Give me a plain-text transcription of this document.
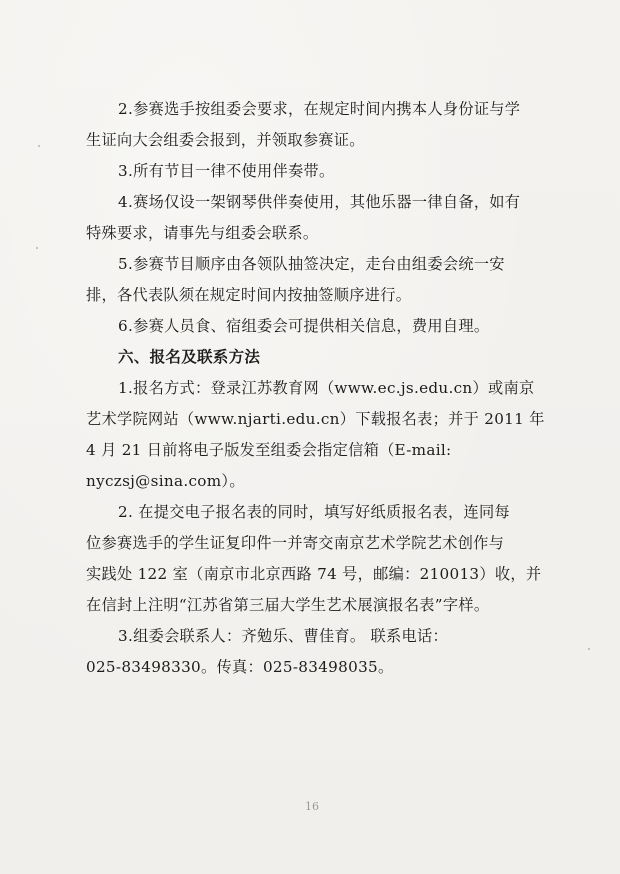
2.参赛选手按组委会要求，在规定时间内携本人身份证与学
生证向大会组委会报到，并领取参赛证。
3.所有节目一律不使用伴奏带。
4.赛场仅设一架钢琴供伴奏使用，其他乐器一律自备，如有
特殊要求，请事先与组委会联系。
5.参赛节目顺序由各领队抽签决定，走台由组委会统一安
排，各代表队须在规定时间内按抽签顺序进行。
6.参赛人员食、宿组委会可提供相关信息，费用自理。
六、报名及联系方法
1.报名方式：登录江苏教育网（www.ec.js.edu.cn）或南京
艺术学院网站（www.njarti.edu.cn）下载报名表；并于 2011 年
4 月 21 日前将电子版发至组委会指定信箱（E-mail:
nyczsj@sina.com）。
2. 在提交电子报名表的同时，填写好纸质报名表，连同每
位参赛选手的学生证复印件一并寄交南京艺术学院艺术创作与
实践处 122 室（南京市北京西路 74 号，邮编：210013）收，并
在信封上注明“江苏省第三届大学生艺术展演报名表”字样。
3.组委会联系人：齐勉乐、曹佳育。 联系电话：
025-83498330。传真：025-83498035。
16
